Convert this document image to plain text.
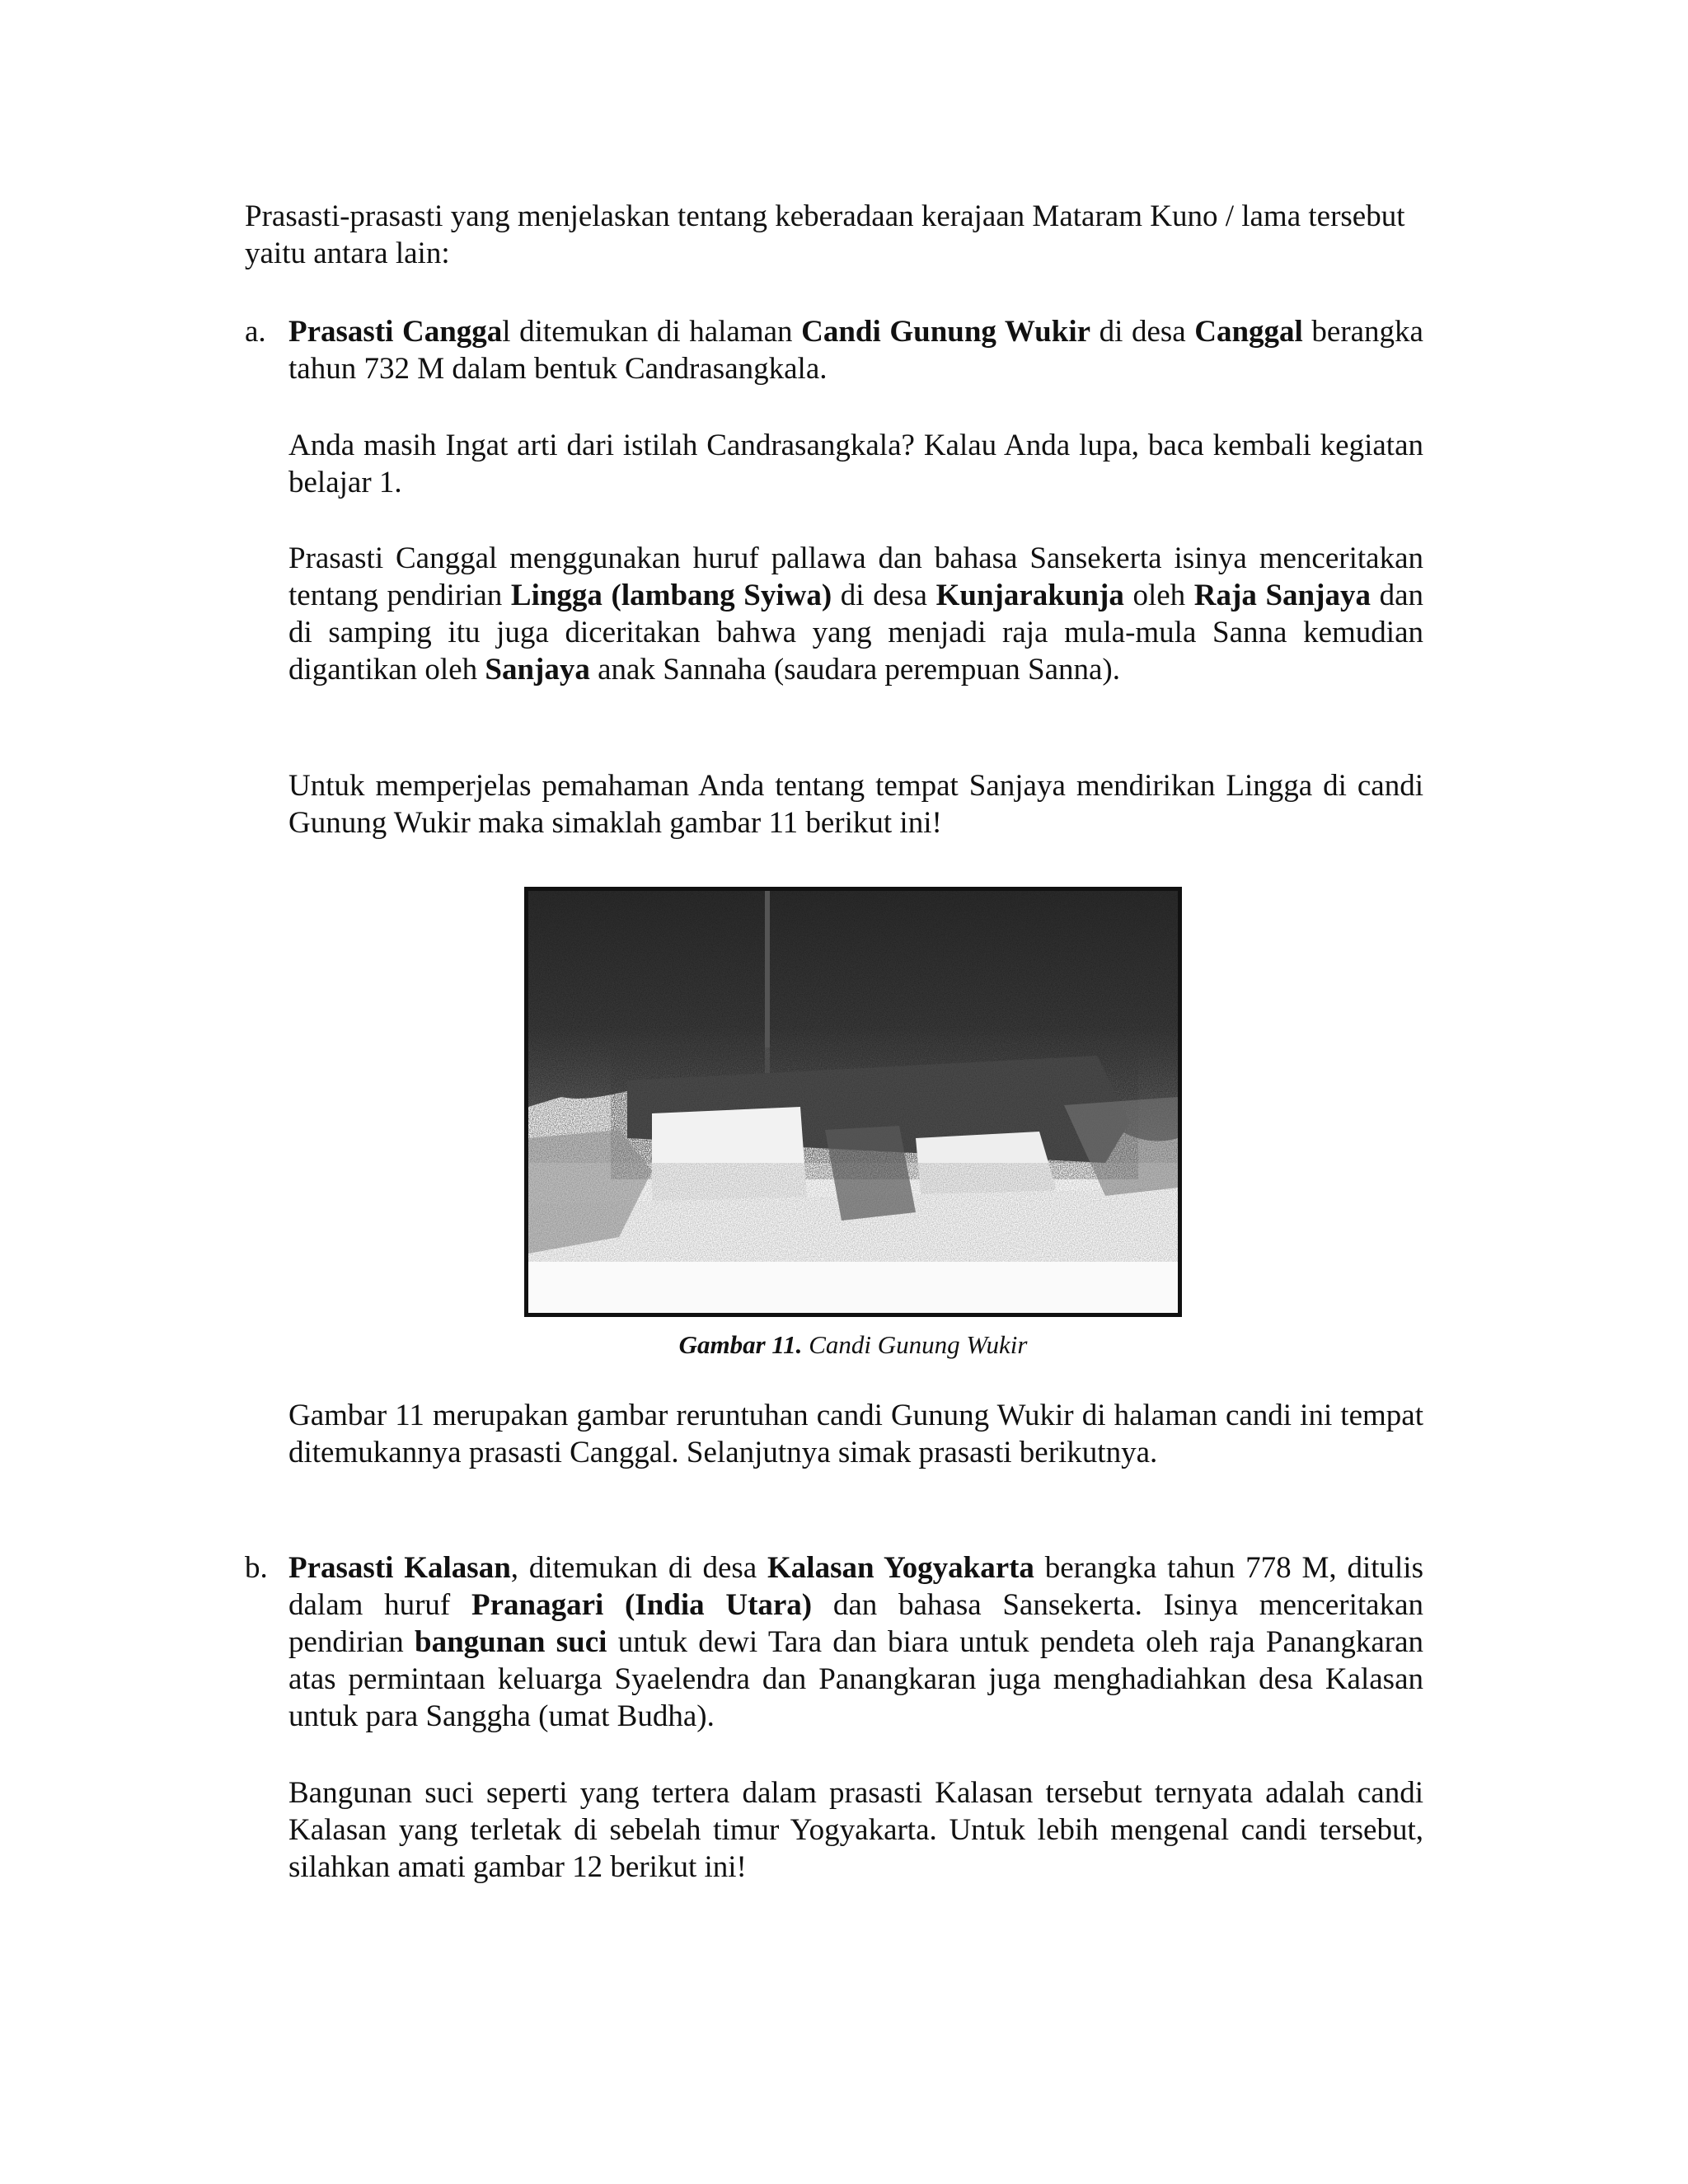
Prasasti-prasasti yang menjelaskan tentang keberadaan kerajaan Mataram Kuno / lama tersebut yaitu antara lain:

a. Prasasti Canggal ditemukan di halaman Candi Gunung Wukir di desa Canggal berangka tahun 732 M dalam bentuk Candrasangkala.

Anda masih Ingat arti dari istilah Candrasangkala? Kalau Anda lupa, baca kembali kegiatan belajar 1.

Prasasti Canggal menggunakan huruf pallawa dan bahasa Sansekerta isinya menceritakan tentang pendirian Lingga (lambang Syiwa) di desa Kunjarakunja oleh Raja Sanjaya dan di samping itu juga diceritakan bahwa yang menjadi raja mula-mula Sanna kemudian digantikan oleh Sanjaya anak Sannaha (saudara perempuan Sanna).

Untuk memperjelas pemahaman Anda tentang tempat Sanjaya mendirikan Lingga di candi Gunung Wukir maka simaklah gambar 11 berikut ini!

Gambar 11. Candi Gunung Wukir

Gambar 11 merupakan gambar reruntuhan candi Gunung Wukir di halaman candi ini tempat ditemukannya prasasti Canggal. Selanjutnya simak prasasti berikutnya.

b. Prasasti Kalasan, ditemukan di desa Kalasan Yogyakarta berangka tahun 778 M, ditulis dalam huruf Pranagari (India Utara) dan bahasa Sansekerta. Isinya menceritakan pendirian bangunan suci untuk dewi Tara dan biara untuk pendeta oleh raja Panangkaran atas permintaan keluarga Syaelendra dan Panangkaran juga menghadiahkan desa Kalasan untuk para Sanggha (umat Budha).

Bangunan suci seperti yang tertera dalam prasasti Kalasan tersebut ternyata adalah candi Kalasan yang terletak di sebelah timur Yogyakarta. Untuk lebih mengenal candi tersebut, silahkan amati gambar 12 berikut ini!
